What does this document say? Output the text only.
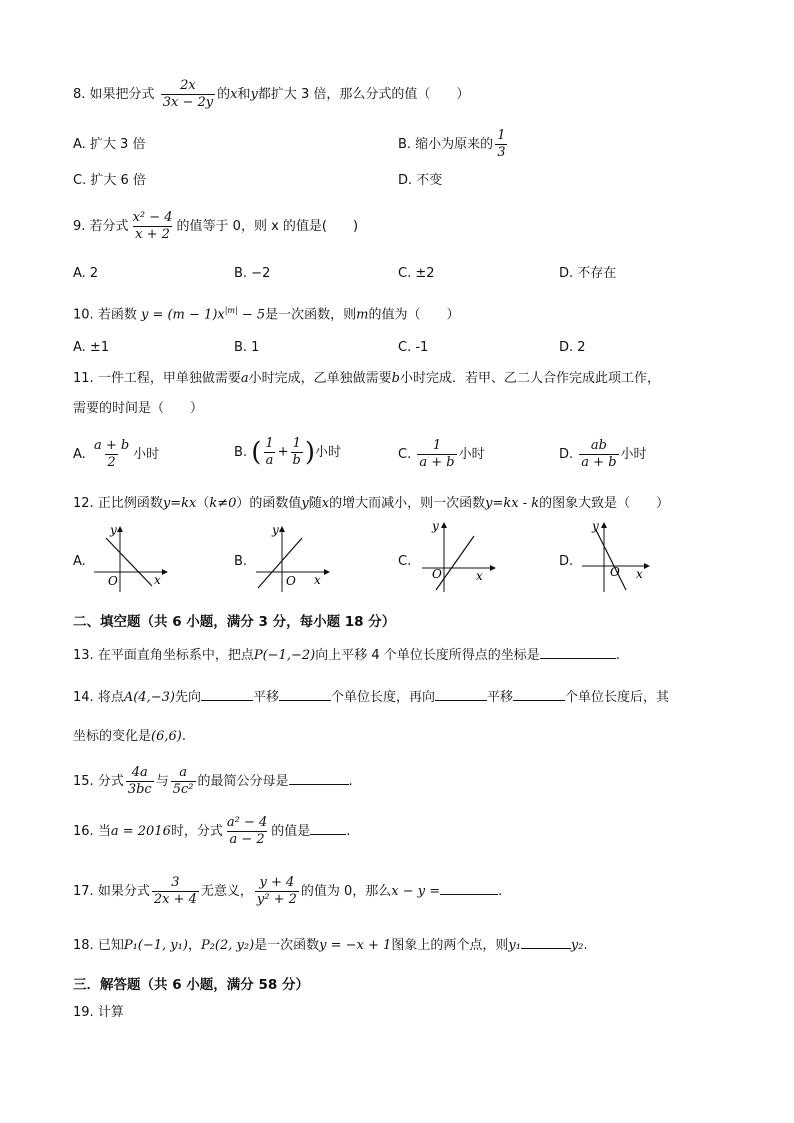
8. 如果把分式 $\frac{2x}{3x - 2y}$ 的x和y都扩大 3 倍，那么分式的值（　　）
A. 扩大 3 倍	B. 缩小为原来的 $\frac{1}{3}$
C. 扩大 6 倍	D. 不变
9. 若分式 $\frac{\text{x² − 4}}{x + 2}$ 的值等于 0，则 x 的值是(　　)
A. 2	B. −2	C. ±2	D. 不存在
10. 若函数 $y = (m - 1)x^{|m|} - 5$是一次函数，则m的值为（　　）
A. ±1	B. 1	C. -1	D. 2
11. 一件工程，甲单独做需要a小时完成，乙单独做需要b小时完成．若甲、乙二人合作完成此项工作，
需要的时间是（　　）
A. $\frac{a + b}{2}$ 小时	B. ( $\frac{1}{a} + \frac{1}{b}$ )小时	C. $\frac{1}{a + b}$ 小时	D. $\frac{ab}{a + b}$ 小时
12. 正比例函数y=kx（k≠0）的函数值y随x的增大而减小，则一次函数y=kx - k的图象大致是（　　）
A.
y
x
O
B.
y
x
O
C.
y
x
O
D.
y
x
O
二、填空题（共 6 小题，满分 3 分，每小题 18 分）
13. 在平面直角坐标系中，把点P(−1,−2)向上平移 4 个单位长度所得点的坐标是	.
14. 将点A(4,−3)先向	平移	个单位长度，再向	平移	个单位长度后，其
坐标的变化是(6,6).
15. 分式 $\frac{4a}{3bc}$ 与 $\frac{a}{\text{5c²}}$ 的最简公分母是	.
16. 当a = 2016时，分式 $\frac{\text{a² − 4}}{a - 2}$ 的值是	.
17. 如果分式 $\frac{3}{2x + 4}$ 无意义， $\frac{y + 4}{\text{y² + 2}}$ 的值为 0，那么x − y =	.
18. 已知P₁(−1, y₁)，P₂(2, y₂)是一次函数y = −x + 1图象上的两个点，则y₁	y₂.
三．解答题（共 6 小题，满分 58 分）
19. 计算
